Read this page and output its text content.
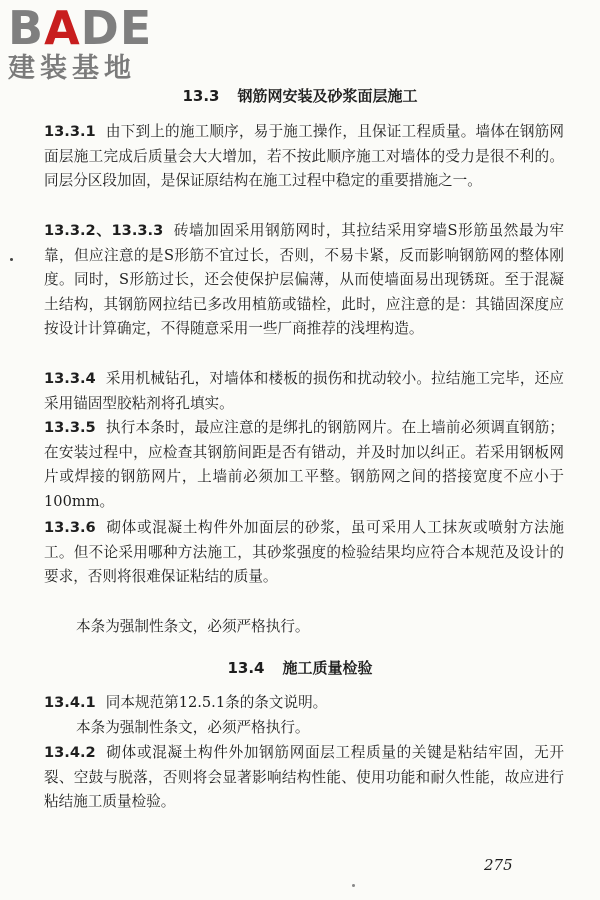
BADE
建装基地
13.3 钢筋网安装及砂浆面层施工
13.3.1 由下到上的施工顺序，易于施工操作，且保证工程质量。墙体在钢筋网面层施工完成后质量会大大增加，若不按此顺序施工对墙体的受力是很不利的。同层分区段加固，是保证原结构在施工过程中稳定的重要措施之一。
13.3.2、13.3.3 砖墙加固采用钢筋网时，其拉结采用穿墙S形筋虽然最为牢靠，但应注意的是S形筋不宜过长，否则，不易卡紧，反而影响钢筋网的整体刚度。同时，S形筋过长，还会使保护层偏薄，从而使墙面易出现锈斑。至于混凝土结构，其钢筋网拉结已多改用植筋或锚栓，此时，应注意的是：其锚固深度应按设计计算确定，不得随意采用一些厂商推荐的浅埋构造。
13.3.4 采用机械钻孔，对墙体和楼板的损伤和扰动较小。拉结施工完毕，还应采用锚固型胶粘剂将孔填实。
13.3.5 执行本条时，最应注意的是绑扎的钢筋网片。在上墙前必须调直钢筋；在安装过程中，应检查其钢筋间距是否有错动，并及时加以纠正。若采用钢板网片或焊接的钢筋网片，上墙前必须加工平整。钢筋网之间的搭接宽度不应小于100mm。
13.3.6 砌体或混凝土构件外加面层的砂浆，虽可采用人工抹灰或喷射方法施工。但不论采用哪种方法施工，其砂浆强度的检验结果均应符合本规范及设计的要求，否则将很难保证粘结的质量。
本条为强制性条文，必须严格执行。
13.4 施工质量检验
13.4.1 同本规范第12.5.1条的条文说明。
本条为强制性条文，必须严格执行。
13.4.2 砌体或混凝土构件外加钢筋网面层工程质量的关键是粘结牢固，无开裂、空鼓与脱落，否则将会显著影响结构性能、使用功能和耐久性能，故应进行粘结施工质量检验。
275
